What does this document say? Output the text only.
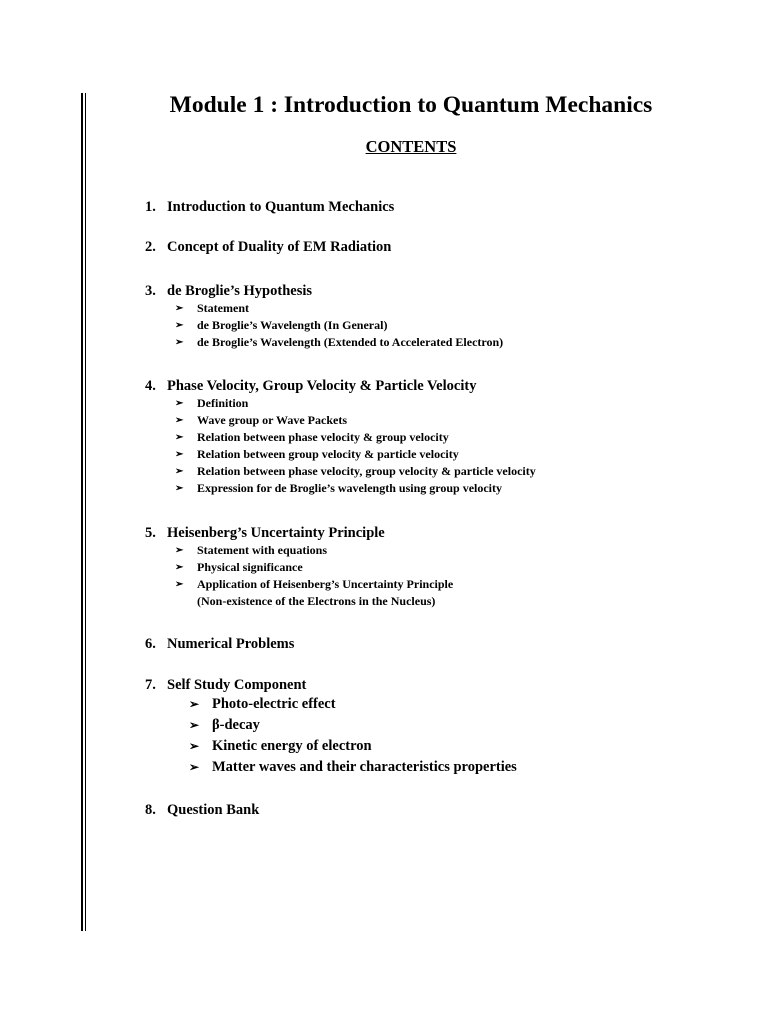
Module 1 : Introduction to Quantum Mechanics
CONTENTS
1. Introduction to Quantum Mechanics
2. Concept of Duality of EM Radiation
3. de Broglie’s Hypothesis
➢	Statement
➢	de Broglie’s Wavelength (In General)
➢	de Broglie’s Wavelength (Extended to Accelerated Electron)
4. Phase Velocity, Group Velocity & Particle Velocity
➢	Definition
➢	Wave group or Wave Packets
➢	Relation between phase velocity & group velocity
➢	Relation between group velocity & particle velocity
➢	Relation between phase velocity, group velocity & particle velocity
➢	Expression for de Broglie’s wavelength using group velocity
5. Heisenberg’s Uncertainty Principle
➢	Statement with equations
➢	Physical significance
➢	Application of Heisenberg’s Uncertainty Principle
(Non-existence of the Electrons in the Nucleus)
6. Numerical Problems
7. Self Study Component
➢ Photo-electric effect
➢ β-decay
➢ Kinetic energy of electron
➢ Matter waves and their characteristics properties
8. Question Bank
